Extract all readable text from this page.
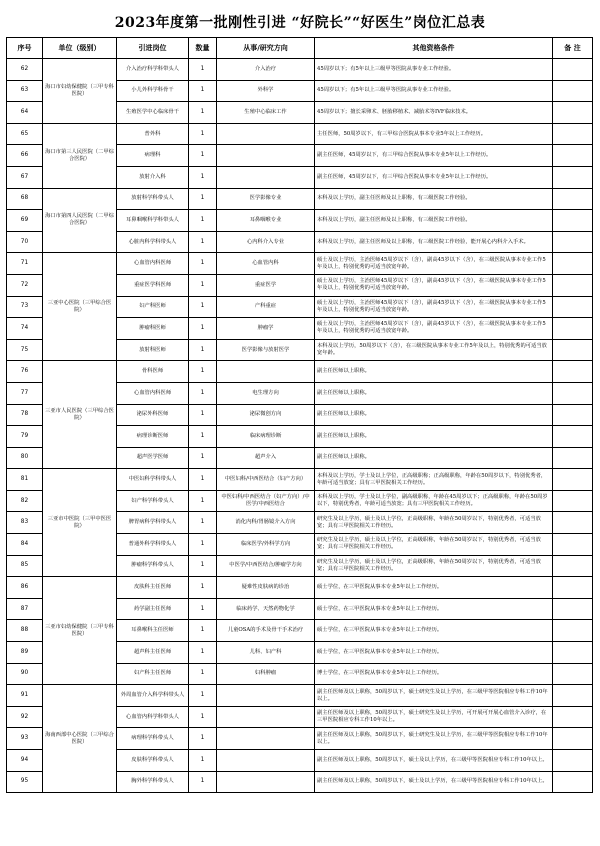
2023年度第一批刚性引进 “好院长”“好医生”岗位汇总表
序号	单位（级别）	引进岗位	数量	从事/研究方向	其他资格条件	备 注
62	海口市妇幼保健院（三甲专科医院）	介入治疗科学科带头人	1	介入治疗	45周岁以下；有5年以上三级甲等医院从事专业工作经验。	
63		小儿外科学科骨干	1	外科学	45周岁以下；有5年以上三级甲等医院从事专业工作经验。	
64		生殖医学中心临床骨干	1	生殖中心临床工作	45周岁以下；擅长采卵术、胚胎移植术、减胎术等IVF临床技术。	
65	海口市第三人民医院（二甲综合医院）	普外科	1		主任医师，50周岁以下，有三甲综合医院从事本专业5年以上工作经历。	
66		病理科	1		副主任医师，45周岁以下，有三甲综合医院从事本专业5年以上工作经历。	
67		放射介入科	1		副主任医师，45周岁以下，有三甲综合医院从事本专业5年以上工作经历。	
68	海口市第四人民医院（二甲综合医院）	放射科学科带头人	1	医学影像专业	本科及以上学历，副主任医师及以上职称，有三级医院工作经验。	
69		耳鼻咽喉科学科带头人	1	耳鼻咽喉专业	本科及以上学历，副主任医师及以上职称，有三级医院工作经验。	
70		心脏内科学科带头人	1	心内科介入专业	本科及以上学历，副主任医师及以上职称，有三级医院工作经验，能开展心内科介入手术。	
71	三亚中心医院（三甲综合医院）	心血管内科医师	1	心血管内科	硕士及以上学历，主治医师45周岁以下（含），副高45岁以下（含），在三级医院从事本专业工作5年及以上，特别优秀的可适当放宽年龄。	
72		重症医学科医师	1	重症医学	硕士及以上学历，主治医师45周岁以下（含），副高45岁以下（含），在三级医院从事本专业工作5年及以上，特别优秀的可适当放宽年龄。	
73		妇产科医师	1	产科重症	硕士及以上学历，主治医师45周岁以下（含），副高45岁以下（含），在三级医院从事本专业工作5年及以上，特别优秀的可适当放宽年龄。	
74		肿瘤科医师	1	肿瘤学	硕士及以上学历，主治医师45周岁以下（含），副高45岁以下（含），在三级医院从事本专业工作5年及以上，特别优秀的可适当放宽年龄。	
75		放射科医师	1	医学影像与放射医学	本科及以上学历，50周岁以下（含），在三级医院从事本专业工作5年及以上，特别优秀的可适当放宽年龄。	
76	三亚市人民医院（三甲综合医院）	骨科医师	1		副主任医师以上职称。	
77		心血管内科医师	1	电生理方向	副主任医师以上职称。	
78		泌尿外科医师	1	泌尿微创方向	副主任医师以上职称。	
79		病理诊断医师	1	临床病理诊断	副主任医师以上职称。	
80		超声医学医师	1	超声介入	副主任医师以上职称。	
81	三亚市中医院（三甲中医医院）	中医妇科学科带头人	1	中医妇科/中西医结合（妇产方向）	本科及以上学历，学士及以上学位，正高级职称；正高级职称，年龄在50周岁以下，特别优秀者，年龄可适当放宽；具有三甲医院相关工作经历。	
82		妇产科学科带头人	1	中医妇科/中西医结合（妇产方向）/中医学/中西医结合	本科及以上学历，学士及以上学位，副高级职称，年龄在45周岁以下；正高级职称，年龄在50周岁以下，特别优秀者，年龄可适当放宽；具有三甲医院相关工作经历。	
83		脾胃病科学科带头人	1	消化内科/胃肠镜介入方向	研究生及以上学历，硕士及以上学位，正高级职称，年龄在50周岁以下，特别优秀者，可适当放宽；具有三甲医院相关工作经历。	
84		普通外科学科带头人	1	临床医学/外科学方向	研究生及以上学历，硕士及以上学位，正高级职称，年龄在50周岁以下，特别优秀者，可适当放宽；具有三甲医院相关工作经历。	
85		肿瘤科学科带头人	1	中医学/中西医结合/肿瘤学方向	研究生及以上学历，硕士及以上学位，正高级职称，年龄在50周岁以下，特别优秀者，可适当放宽；具有三甲医院相关工作经历。	
86	三亚市妇幼保健院（三甲专科医院）	皮肤科主任医师	1	疑难性皮肤病的诊治	硕士学位，在三甲医院从事本专业5年以上工作经历。	
87		药学副主任医师	1	临床药学、天然药物化学	硕士学位，在三甲医院从事本专业5年以上工作经历。	
88		耳鼻喉科主任医师	1	儿童OSA的手术及骨干手术治疗	硕士学位，在三甲医院从事本专业5年以上工作经历。	
89		超声科主任医师	1	儿科、妇产科	硕士学位，在三甲医院从事本专业5年以上工作经历。	
90		妇产科主任医师	1	妇科肿瘤	博士学位，在三甲医院从事本专业5年以上工作经历。	
91	海南西部中心医院（三甲综合医院）	外周血管介入科学科带头人	1		副主任医师及以上职称，50周岁以下，硕士研究生及以上学历，在三级甲等医院相应专科工作10年以上。	
92		心血管内科学科带头人	1		副主任医师及以上职称，50周岁以下，硕士研究生及以上学历，可开展可开展心血管介入诊疗，在三甲医院相应专科工作10年以上。	
93		病理科学科带头人	1		副主任医师及以上职称，50周岁以下，硕士研究生及以上学历，在三级甲等医院相应专科工作10年以上。	
94		皮肤科学科带头人	1		副主任医师及以上职称，50周岁以下，硕士及以上学历，在三级甲等医院相应专科工作10年以上。	
95		胸外科学科带头人	1		副主任医师及以上职称，50周岁以下，硕士及以上学历，在三级甲等医院相应专科工作10年以上。	
